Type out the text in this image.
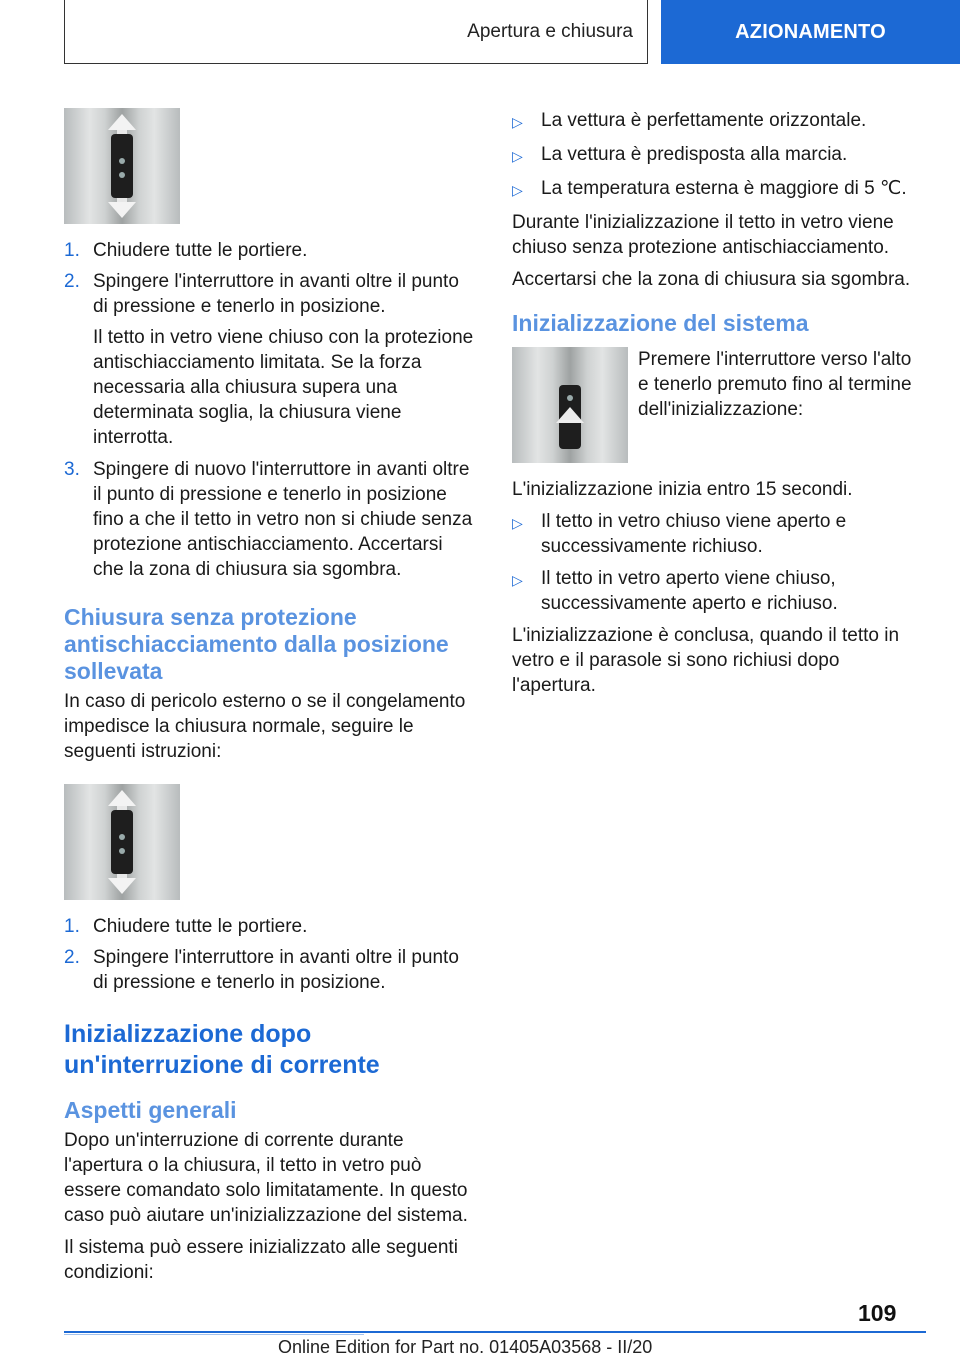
Apertura e chiusura	AZIONAMENTO
1. Chiudere tutte le portiere.
2. Spingere l'interruttore in avanti oltre il punto di pressione e tenerlo in posizione.

Il tetto in vetro viene chiuso con la protezione antischiacciamento limitata. Se la forza necessaria alla chiusura supera una determinata soglia, la chiusura viene interrotta.

3. Spingere di nuovo l'interruttore in avanti oltre il punto di pressione e tenerlo in posizione fino a che il tetto in vetro non si chiude senza protezione antischiacciamento. Accertarsi che la zona di chiusura sia sgombra.
Chiusura senza protezione antischiacciamento dalla posizione sollevata

In caso di pericolo esterno o se il congelamento impedisce la chiusura normale, seguire le seguenti istruzioni:

1. Chiudere tutte le portiere.
2. Spingere l'interruttore in avanti oltre il punto di pressione e tenerlo in posizione.
Inizializzazione dopo un'interruzione di corrente
Aspetti generali

Dopo un'interruzione di corrente durante l'apertura o la chiusura, il tetto in vetro può essere comandato solo limitatamente. In questo caso può aiutare un'inizializzazione del sistema.

Il sistema può essere inizializzato alle seguenti condizioni:

▷ La vettura è perfettamente orizzontale.
▷ La vettura è predisposta alla marcia.
▷ La temperatura esterna è maggiore di 5 ℃.

Durante l'inizializzazione il tetto in vetro viene chiuso senza protezione antischiacciamento.

Accertarsi che la zona di chiusura sia sgombra.

Inizializzazione del sistema

Premere l'interruttore verso l'alto e tenerlo premuto fino al termine dell'inizializzazione:

L'inizializzazione inizia entro 15 secondi.

▷ Il tetto in vetro chiuso viene aperto e successivamente richiuso.
▷ Il tetto in vetro aperto viene chiuso, successivamente aperto e richiuso.

L'inizializzazione è conclusa, quando il tetto in vetro e il parasole si sono richiusi dopo l'apertura.

109
Online Edition for Part no. 01405A03568 - II/20
